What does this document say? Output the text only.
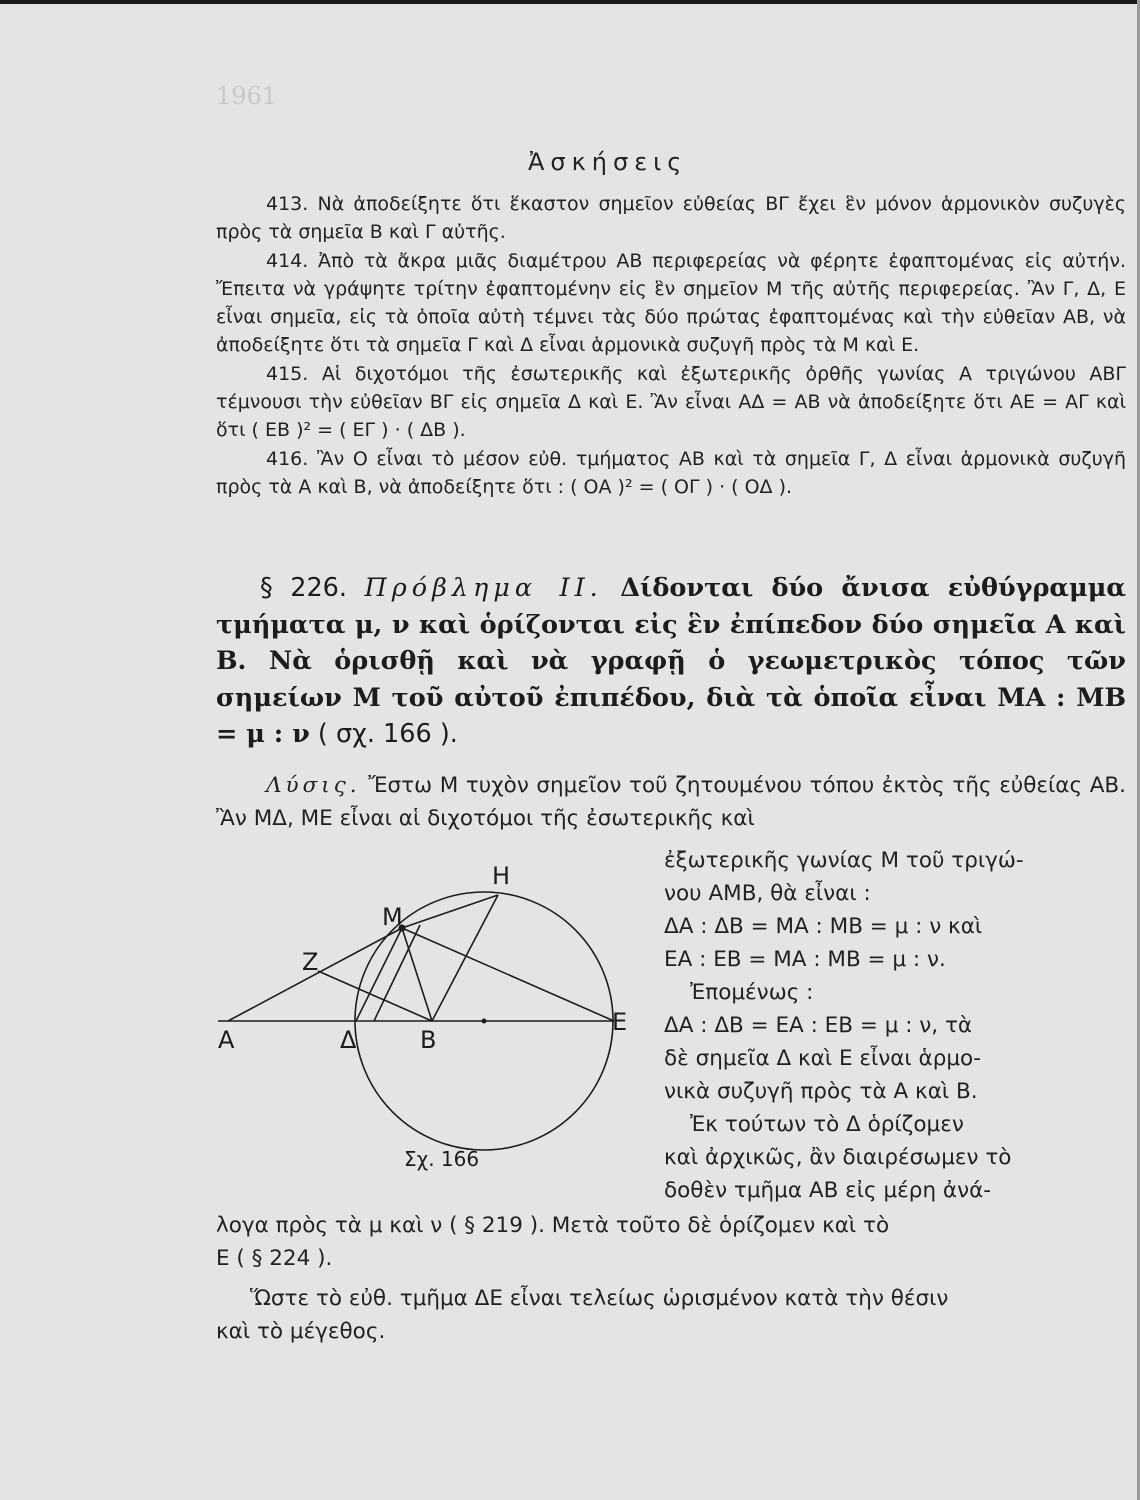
1961
Ἀσκήσεις

413. Νὰ ἀποδείξητε ὅτι ἕκαστον σημεῖον εὐθείας ΒΓ ἔχει ἓν μόνον ἁρμονικὸν συζυγὲς πρὸς τὰ σημεῖα Β καὶ Γ αὐτῆς.

414. Ἀπὸ τὰ ἄκρα μιᾶς διαμέτρου ΑΒ περιφερείας νὰ φέρητε ἐφαπτομένας εἰς αὐτήν. Ἔπειτα νὰ γράψητε τρίτην ἐφαπτομένην εἰς ἓν σημεῖον Μ τῆς αὐτῆς περιφερείας. Ἂν Γ, Δ, Ε εἶναι σημεῖα, εἰς τὰ ὁποῖα αὐτὴ τέμνει τὰς δύο πρώτας ἐφαπτομένας καὶ τὴν εὐθεῖαν ΑΒ, νὰ ἀποδείξητε ὅτι τὰ σημεῖα Γ καὶ Δ εἶναι ἁρμονικὰ συζυγῆ πρὸς τὰ Μ καὶ Ε.

415. Αἱ διχοτόμοι τῆς ἐσωτερικῆς καὶ ἐξωτερικῆς ὀρθῆς γωνίας Α τριγώνου ΑΒΓ τέμνουσι τὴν εὐθεῖαν ΒΓ εἰς σημεῖα Δ καὶ Ε. Ἂν εἶναι ΑΔ = ΑΒ νὰ ἀποδείξητε ὅτι ΑΕ = ΑΓ καὶ ὅτι ( ΕΒ )² = ( ΕΓ ) · ( ΔΒ ).

416. Ἂν Ο εἶναι τὸ μέσον εὐθ. τμήματος ΑΒ καὶ τὰ σημεῖα Γ, Δ εἶναι ἁρμονικὰ συζυγῆ πρὸς τὰ Α καὶ Β, νὰ ἀποδείξητε ὅτι : ( ΟΑ )² = ( ΟΓ ) · ( ΟΔ ).

§ 226. Πρόβλημα ΙΙ. Δίδονται δύο ἄνισα εὐθύγραμμα τμήματα μ, ν καὶ ὁρίζονται εἰς ἓν ἐπίπεδον δύο σημεῖα Α καὶ Β. Νὰ ὁρισθῇ καὶ νὰ γραφῇ ὁ γεωμετρικὸς τόπος τῶν σημείων Μ τοῦ αὐτοῦ ἐπιπέδου, διὰ τὰ ὁποῖα εἶναι ΜΑ : ΜΒ = μ : ν ( σχ. 166 ).

Λύσις. Ἔστω Μ τυχὸν σημεῖον τοῦ ζητουμένου τόπου ἐκτὸς τῆς εὐθείας ΑΒ. Ἂν ΜΔ, ΜΕ εἶναι αἱ διχοτόμοι τῆς ἐσωτερικῆς καὶ

ἐξωτερικῆς γωνίας Μ τοῦ τριγώ-
νου ΑΜΒ, θὰ εἶναι :
ΔΑ : ΔΒ = ΜΑ : ΜΒ = μ : ν καὶ
ΕΑ : ΕΒ = ΜΑ : ΜΒ = μ : ν.
Ἐπομένως :
ΔΑ : ΔΒ = ΕΑ : ΕΒ = μ : ν, τὰ
δὲ σημεῖα Δ καὶ Ε εἶναι ἁρμο-
νικὰ συζυγῆ πρὸς τὰ Α καὶ Β.
Ἐκ τούτων τὸ Δ ὁρίζομεν
καὶ ἀρχικῶς, ἂν διαιρέσωμεν τὸ
δοθὲν τμῆμα ΑΒ εἰς μέρη ἀνά-
λογα πρὸς τὰ μ καὶ ν ( § 219 ). Μετὰ τοῦτο δὲ ὁρίζομεν καὶ τὸ
Ε ( § 224 ).
Ὥστε τὸ εὐθ. τμῆμα ΔΕ εἶναι τελείως ὡρισμένον κατὰ τὴν θέσιν
καὶ τὸ μέγεθος.
Α	Δ	Β
Ε
Μ
Ζ
Η
Σχ. 166
